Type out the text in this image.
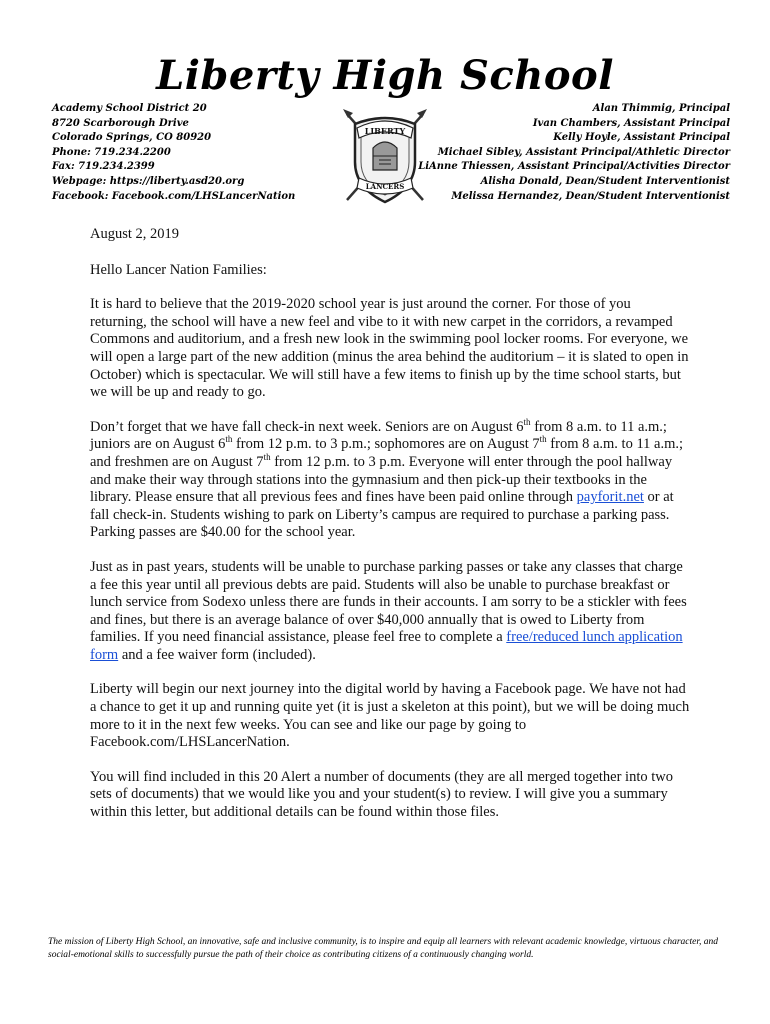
Liberty High School
Academy School District 20
8720 Scarborough Drive
Colorado Springs, CO 80920
Phone: 719.234.2200
Fax: 719.234.2399
Webpage: https://liberty.asd20.org
Facebook: Facebook.com/LHSLancerNation
LIBERTY
LANCERS
Alan Thimmig, Principal
Ivan Chambers, Assistant Principal
Kelly Hoyle, Assistant Principal
Michael Sibley, Assistant Principal/Athletic Director
LiAnne Thiessen, Assistant Principal/Activities Director
Alisha Donald, Dean/Student Interventionist
Melissa Hernandez, Dean/Student Interventionist

August 2, 2019

Hello Lancer Nation Families:

It is hard to believe that the 2019-2020 school year is just around the corner. For those of you returning, the school will have a new feel and vibe to it with new carpet in the corridors, a revamped Commons and auditorium, and a fresh new look in the swimming pool locker rooms. For everyone, we will open a large part of the new addition (minus the area behind the auditorium – it is slated to open in October) which is spectacular. We will still have a few items to finish up by the time school starts, but we will be up and ready to go.

Don’t forget that we have fall check-in next week. Seniors are on August 6th from 8 a.m. to 11 a.m.; juniors are on August 6th from 12 p.m. to 3 p.m.; sophomores are on August 7th from 8 a.m. to 11 a.m.; and freshmen are on August 7th from 12 p.m. to 3 p.m. Everyone will enter through the pool hallway and make their way through stations into the gymnasium and then pick-up their textbooks in the library. Please ensure that all previous fees and fines have been paid online through payforit.net or at fall check-in. Students wishing to park on Liberty’s campus are required to purchase a parking pass. Parking passes are $40.00 for the school year.

Just as in past years, students will be unable to purchase parking passes or take any classes that charge a fee this year until all previous debts are paid. Students will also be unable to purchase breakfast or lunch service from Sodexo unless there are funds in their accounts. I am sorry to be a stickler with fees and fines, but there is an average balance of over $40,000 annually that is owed to Liberty from families. If you need financial assistance, please feel free to complete a free/reduced lunch application form and a fee waiver form (included).

Liberty will begin our next journey into the digital world by having a Facebook page. We have not had a chance to get it up and running quite yet (it is just a skeleton at this point), but we will be doing much more to it in the next few weeks. You can see and like our page by going to Facebook.com/LHSLancerNation.

You will find included in this 20 Alert a number of documents (they are all merged together into two sets of documents) that we would like you and your student(s) to review. I will give you a summary within this letter, but additional details can be found within those files.

The mission of Liberty High School, an innovative, safe and inclusive community, is to inspire and equip all learners with relevant academic knowledge, virtuous character, and social-emotional skills to successfully pursue the path of their choice as contributing citizens of a continuously changing world.
